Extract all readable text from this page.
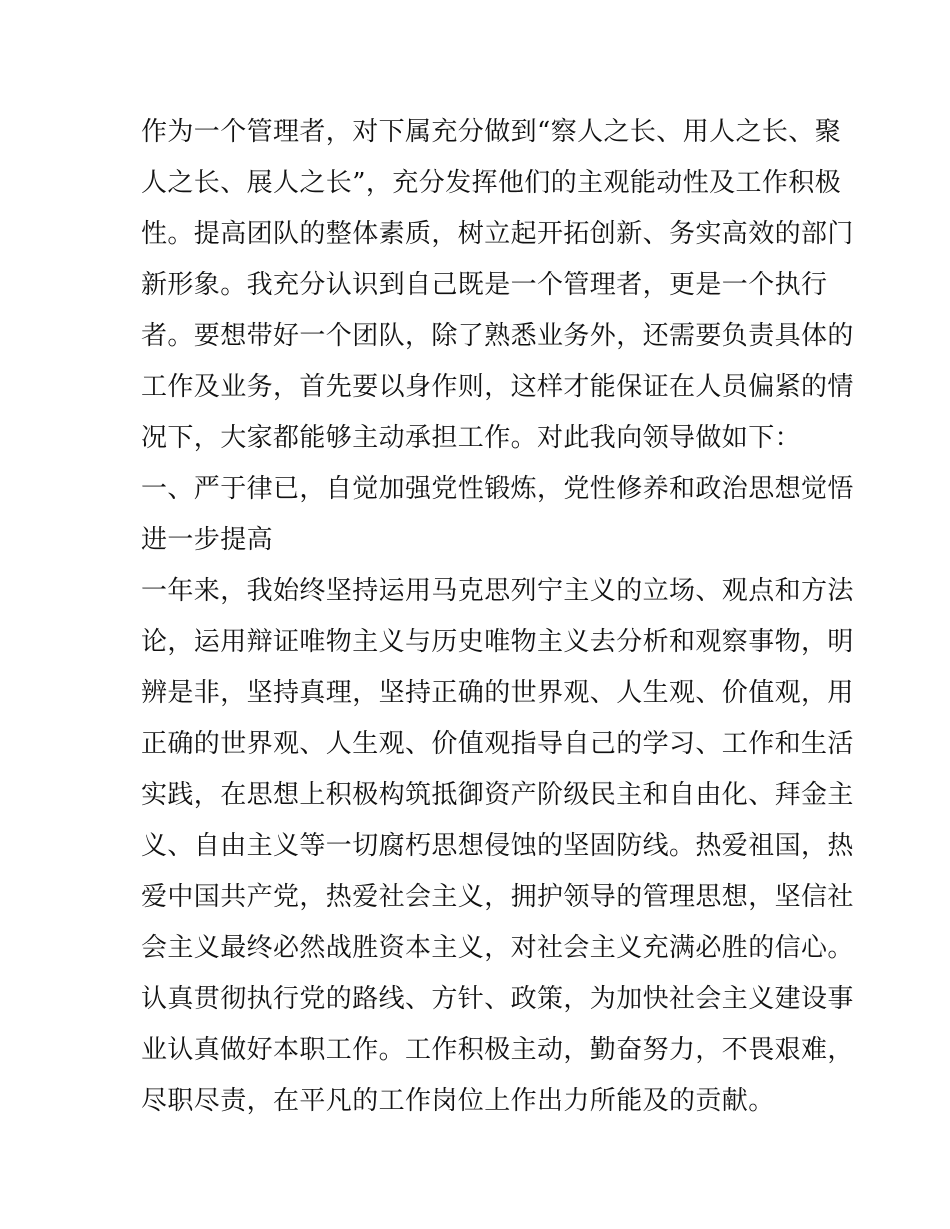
作为一个管理者，对下属充分做到“察人之长、用人之长、聚
人之长、展人之长”，充分发挥他们的主观能动性及工作积极
性。提高团队的整体素质，树立起开拓创新、务实高效的部门
新形象。我充分认识到自己既是一个管理者，更是一个执行
者。要想带好一个团队，除了熟悉业务外，还需要负责具体的
工作及业务，首先要以身作则，这样才能保证在人员偏紧的情
况下，大家都能够主动承担工作。对此我向领导做如下：
一、严于律已，自觉加强党性锻炼，党性修养和政治思想觉悟
进一步提高
一年来，我始终坚持运用马克思列宁主义的立场、观点和方法
论，运用辩证唯物主义与历史唯物主义去分析和观察事物，明
辨是非，坚持真理，坚持正确的世界观、人生观、价值观，用
正确的世界观、人生观、价值观指导自己的学习、工作和生活
实践，在思想上积极构筑抵御资产阶级民主和自由化、拜金主
义、自由主义等一切腐朽思想侵蚀的坚固防线。热爱祖国，热
爱中国共产党，热爱社会主义，拥护领导的管理思想，坚信社
会主义最终必然战胜资本主义，对社会主义充满必胜的信心。
认真贯彻执行党的路线、方针、政策，为加快社会主义建设事
业认真做好本职工作。工作积极主动，勤奋努力，不畏艰难，
尽职尽责，在平凡的工作岗位上作出力所能及的贡献。
